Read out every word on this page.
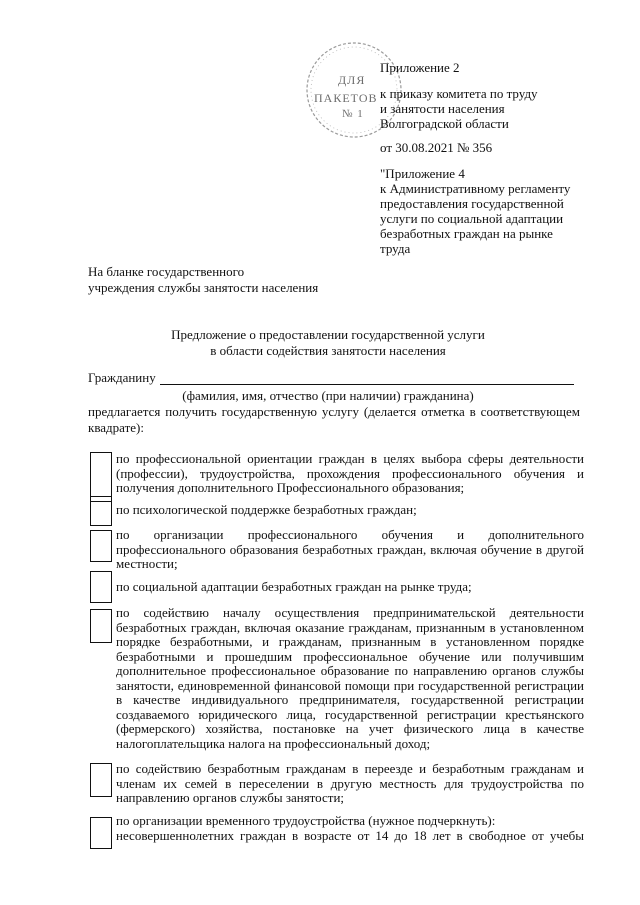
ДЛЯ
ПАКЕТОВ
№ 1
Приложение 2
к приказу комитета по труду
и занятости населения
Волгоградской области
от 30.08.2021 № 356
"Приложение 4
к Административному регламенту
предоставления государственной
услуги по социальной адаптации
безработных граждан на рынке
труда
На бланке государственного
учреждения службы занятости населения
Предложение о предоставлении государственной услуги
в области содействия занятости населения
Гражданину
(фамилия, имя, отчество (при наличии) гражданина)
предлагается получить государственную услугу (делается отметка в соответствующем квадрате):
по профессиональной ориентации граждан в целях выбора сферы деятельности
(профессии), трудоустройства, прохождения профессионального обучения и
получения дополнительного Профессионального образования;
по психологической поддержке безработных граждан;
по организации профессионального обучения и дополнительного
профессионального образования безработных граждан, включая обучение в другой
местности;
по социальной адаптации безработных граждан на рынке труда;
по содействию началу осуществления предпринимательской деятельности
безработных граждан, включая оказание гражданам, признанным в установленном
порядке безработными, и гражданам, признанным в установленном порядке
безработными и прошедшим профессиональное обучение или получившим
дополнительное профессиональное образование по направлению органов службы
занятости, единовременной финансовой помощи при государственной регистрации
в качестве индивидуального предпринимателя, государственной регистрации
создаваемого юридического лица, государственной регистрации крестьянского
(фермерского) хозяйства, постановке на учет физического лица в качестве
налогоплательщика налога на профессиональный доход;
по содействию безработным гражданам в переезде и безработным гражданам и
членам их семей в переселении в другую местность для трудоустройства по
направлению органов службы занятости;
по организации временного трудоустройства (нужное подчеркнуть):
несовершеннолетних граждан в возрасте от 14 до 18 лет в свободное от учебы
